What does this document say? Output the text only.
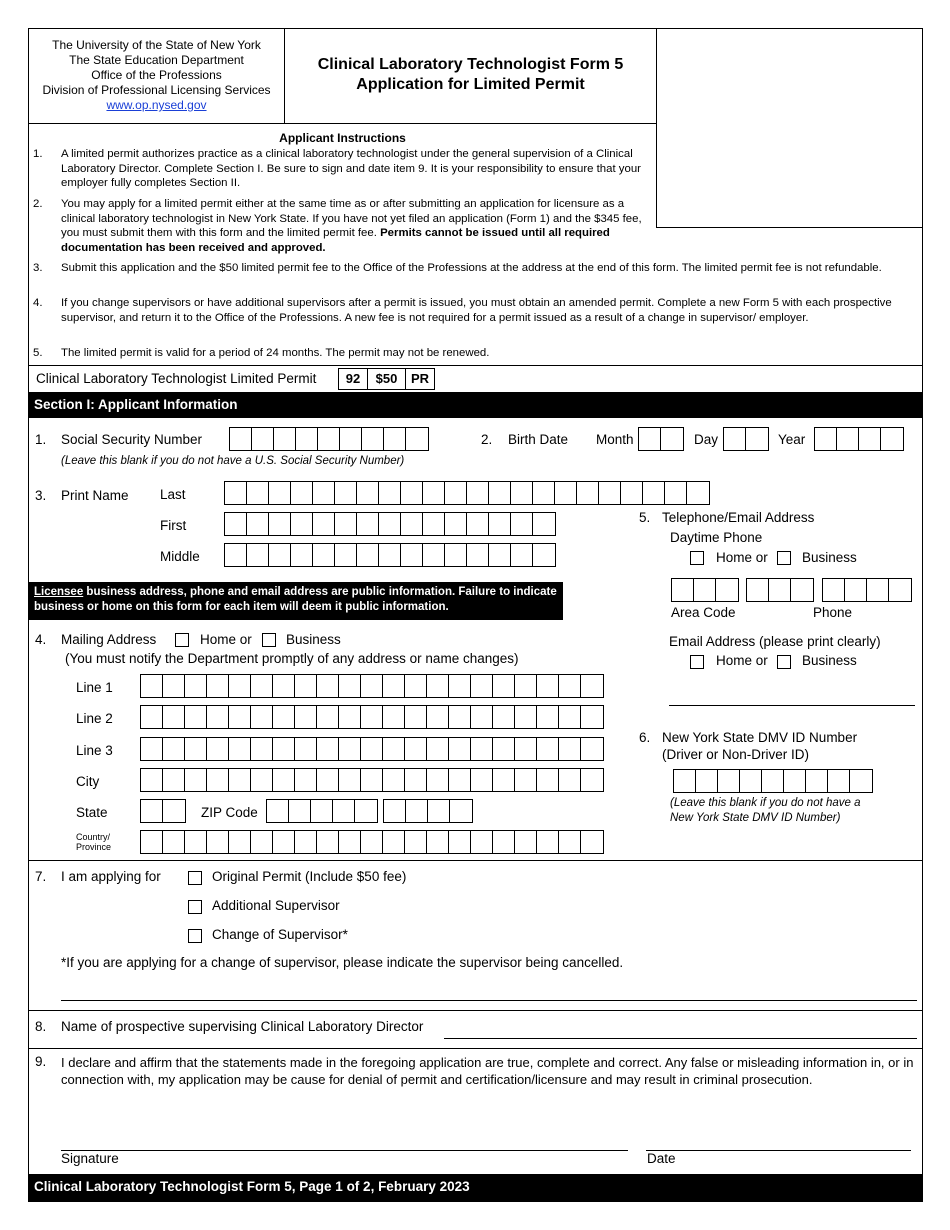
The University of the State of New York
The State Education Department
Office of the Professions
Division of Professional Licensing Services
www.op.nysed.gov
Clinical Laboratory Technologist Form 5
Application for Limited Permit
Applicant Instructions
1. A limited permit authorizes practice as a clinical laboratory technologist under the general supervision of a Clinical Laboratory Director. Complete Section I. Be sure to sign and date item 9. It is your responsibility to ensure that your employer fully completes Section II.
2. You may apply for a limited permit either at the same time as or after submitting an application for licensure as a clinical laboratory technologist in New York State. If you have not yet filed an application (Form 1) and the $345 fee, you must submit them with this form and the limited permit fee. Permits cannot be issued until all required documentation has been received and approved.
3. Submit this application and the $50 limited permit fee to the Office of the Professions at the address at the end of this form. The limited permit fee is not refundable.
4. If you change supervisors or have additional supervisors after a permit is issued, you must obtain an amended permit. Complete a new Form 5 with each prospective supervisor, and return it to the Office of the Professions. A new fee is not required for a permit issued as a result of a change in supervisor/ employer.
5. The limited permit is valid for a period of 24 months. The permit may not be renewed.
Clinical Laboratory Technologist Limited Permit	92	$50	PR
Section I: Applicant Information
1. Social Security Number
(Leave this blank if you do not have a U.S. Social Security Number)
2. Birth Date Month	Day	Year
3. Print Name Last
First
Middle
Licensee business address, phone and email address are public information. Failure to indicate business or home on this form for each item will deem it public information.
4. Mailing Address	Home or	Business
(You must notify the Department promptly of any address or name changes)
Line 1
Line 2
Line 3
City
State	ZIP Code
Country/
Province
5. Telephone/Email Address
Daytime Phone
Home or	Business
Area Code	Phone
Email Address (please print clearly)
Home or	Business
6. New York State DMV ID Number
(Driver or Non-Driver ID)
(Leave this blank if you do not have a
New York State DMV ID Number)
7. I am applying for	Original Permit (Include $50 fee)
Additional Supervisor
Change of Supervisor*
*If you are applying for a change of supervisor, please indicate the supervisor being cancelled.
8. Name of prospective supervising Clinical Laboratory Director
9. I declare and affirm that the statements made in the foregoing application are true, complete and correct. Any false or misleading information in, or in connection with, my application may be cause for denial of permit and certification/licensure and may result in criminal prosecution.
Signature	Date
Clinical Laboratory Technologist Form 5, Page 1 of 2, February 2023
